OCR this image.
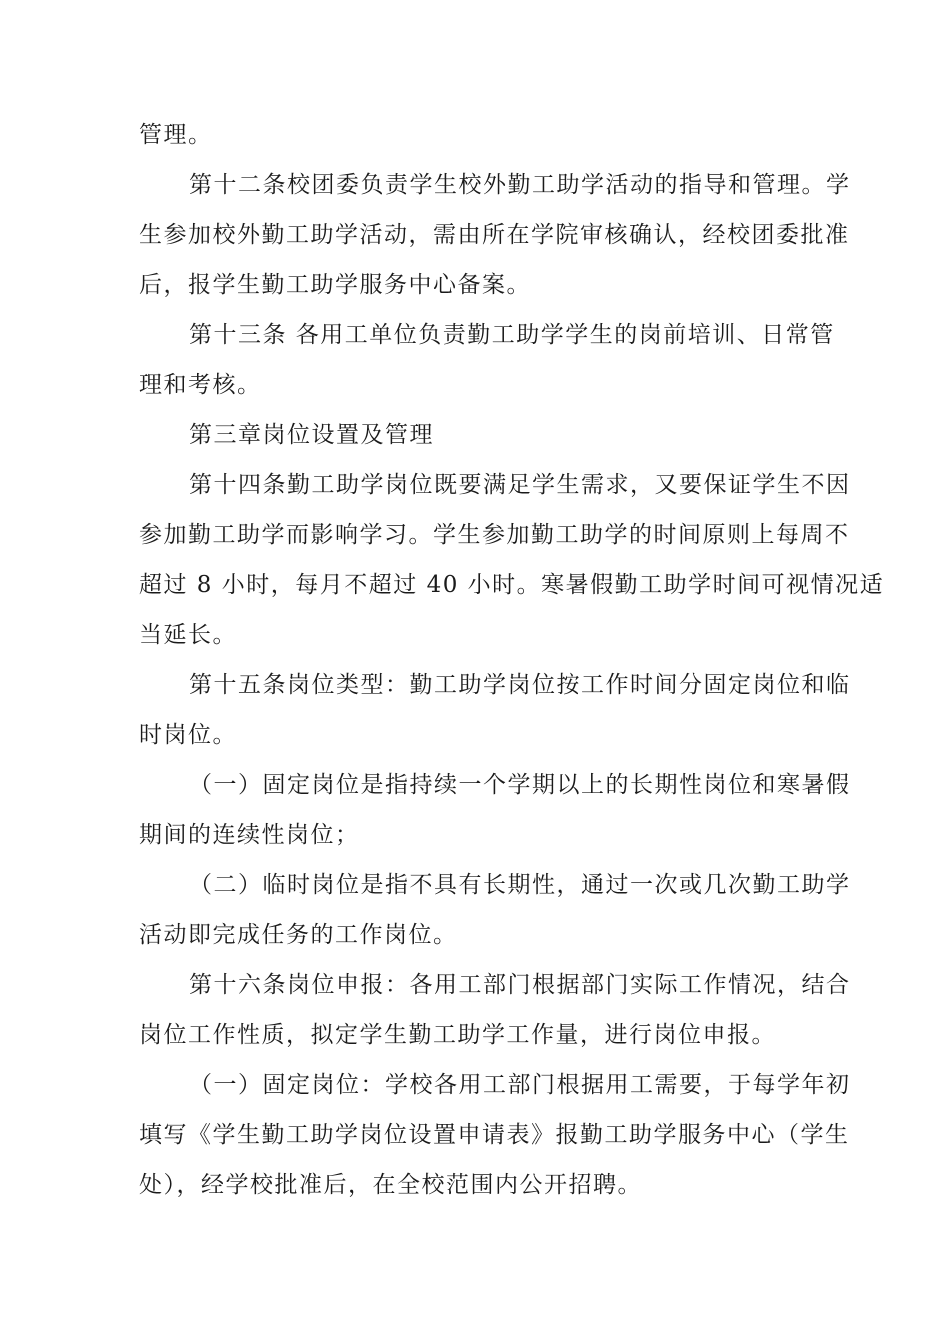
管理。
第十二条校团委负责学生校外勤工助学活动的指导和管理。学
生参加校外勤工助学活动，需由所在学院审核确认，经校团委批准
后，报学生勤工助学服务中心备案。
第十三条 各用工单位负责勤工助学学生的岗前培训、日常管
理和考核。
第三章岗位设置及管理
第十四条勤工助学岗位既要满足学生需求，又要保证学生不因
参加勤工助学而影响学习。学生参加勤工助学的时间原则上每周不
超过 8 小时，每月不超过 40 小时。寒暑假勤工助学时间可视情况适
当延长。
第十五条岗位类型：勤工助学岗位按工作时间分固定岗位和临
时岗位。
（一）固定岗位是指持续一个学期以上的长期性岗位和寒暑假
期间的连续性岗位；
（二）临时岗位是指不具有长期性，通过一次或几次勤工助学
活动即完成任务的工作岗位。
第十六条岗位申报：各用工部门根据部门实际工作情况，结合
岗位工作性质，拟定学生勤工助学工作量，进行岗位申报。
（一）固定岗位：学校各用工部门根据用工需要，于每学年初
填写《学生勤工助学岗位设置申请表》报勤工助学服务中心（学生
处），经学校批准后，在全校范围内公开招聘。
